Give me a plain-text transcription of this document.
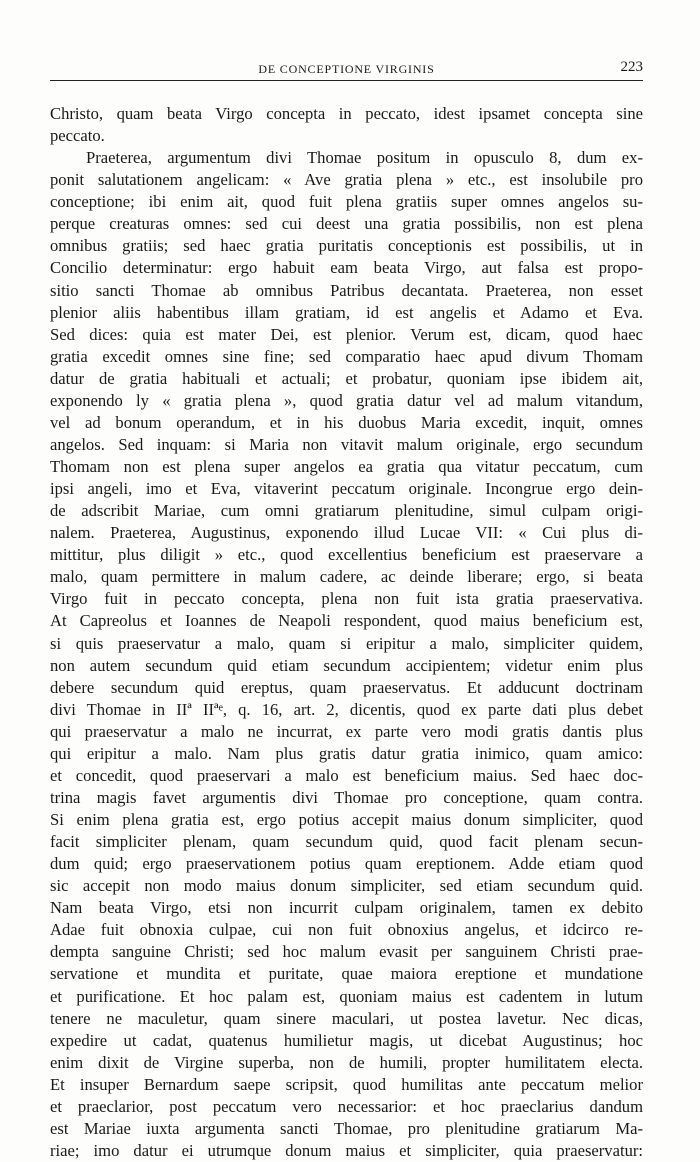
DE CONCEPTIONE VIRGINIS	223
Christo, quam beata Virgo concepta in peccato, idest ipsamet concepta sine
peccato.
Praeterea, argumentum divi Thomae positum in opusculo 8, dum ex-
ponit salutationem angelicam: « Ave gratia plena » etc., est insolubile pro
conceptione; ibi enim ait, quod fuit plena gratiis super omnes angelos su-
perque creaturas omnes: sed cui deest una gratia possibilis, non est plena
omnibus gratiis; sed haec gratia puritatis conceptionis est possibilis, ut in
Concilio determinatur: ergo habuit eam beata Virgo, aut falsa est propo-
sitio sancti Thomae ab omnibus Patribus decantata. Praeterea, non esset
plenior aliis habentibus illam gratiam, id est angelis et Adamo et Eva.
Sed dices: quia est mater Dei, est plenior. Verum est, dicam, quod haec
gratia excedit omnes sine fine; sed comparatio haec apud divum Thomam
datur de gratia habituali et actuali; et probatur, quoniam ipse ibidem ait,
exponendo ly « gratia plena », quod gratia datur vel ad malum vitandum,
vel ad bonum operandum, et in his duobus Maria excedit, inquit, omnes
angelos. Sed inquam: si Maria non vitavit malum originale, ergo secundum
Thomam non est plena super angelos ea gratia qua vitatur peccatum, cum
ipsi angeli, imo et Eva, vitaverint peccatum originale. Incongrue ergo dein-
de adscribit Mariae, cum omni gratiarum plenitudine, simul culpam origi-
nalem. Praeterea, Augustinus, exponendo illud Lucae VII: « Cui plus di-
mittitur, plus diligit » etc., quod excellentius beneficium est praeservare a
malo, quam permittere in malum cadere, ac deinde liberare; ergo, si beata
Virgo fuit in peccato concepta, plena non fuit ista gratia praeservativa.
At Capreolus et Ioannes de Neapoli respondent, quod maius beneficium est,
si quis praeservatur a malo, quam si eripitur a malo, simpliciter quidem,
non autem secundum quid etiam secundum accipientem; videtur enim plus
debere secundum quid ereptus, quam praeservatus. Et adducunt doctrinam
divi Thomae in IIª IIªᵉ, q. 16, art. 2, dicentis, quod ex parte dati plus debet
qui praeservatur a malo ne incurrat, ex parte vero modi gratis dantis plus
qui eripitur a malo. Nam plus gratis datur gratia inimico, quam amico:
et concedit, quod praeservari a malo est beneficium maius. Sed haec doc-
trina magis favet argumentis divi Thomae pro conceptione, quam contra.
Si enim plena gratia est, ergo potius accepit maius donum simpliciter, quod
facit simpliciter plenam, quam secundum quid, quod facit plenam secun-
dum quid; ergo praeservationem potius quam ereptionem. Adde etiam quod
sic accepit non modo maius donum simpliciter, sed etiam secundum quid.
Nam beata Virgo, etsi non incurrit culpam originalem, tamen ex debito
Adae fuit obnoxia culpae, cui non fuit obnoxius angelus, et idcirco re-
dempta sanguine Christi; sed hoc malum evasit per sanguinem Christi prae-
servatione et mundita et puritate, quae maiora ereptione et mundatione
et purificatione. Et hoc palam est, quoniam maius est cadentem in lutum
tenere ne maculetur, quam sinere maculari, ut postea lavetur. Nec dicas,
expedire ut cadat, quatenus humilietur magis, ut dicebat Augustinus; hoc
enim dixit de Virgine superba, non de humili, propter humilitatem electa.
Et insuper Bernardum saepe scripsit, quod humilitas ante peccatum melior
et praeclarior, post peccatum vero necessarior: et hoc praeclarius dandum
est Mariae iuxta argumenta sancti Thomae, pro plenitudine gratiarum Ma-
riae; imo datur ei utrumque donum maius et simpliciter, quia praeservatur:
